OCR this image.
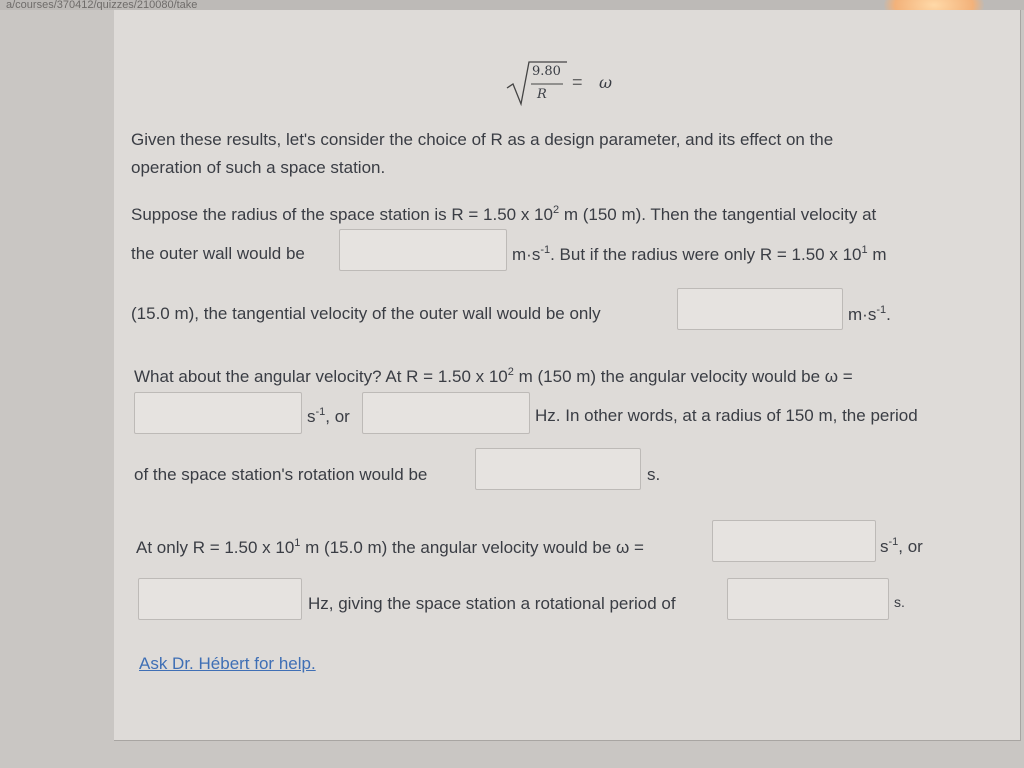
a/courses/370412/quizzes/210080/take
9.80
R
= ω
Given these results, let's consider the choice of R as a design parameter, and its effect on the
operation of such a space station.
Suppose the radius of the space station is R = 1.50 x $10^2$ m (150 m). Then the tangential velocity at
the outer wall would be	$m\cdot s^{-1}$. But if the radius were only R = 1.50 x $10^1$ m
(15.0 m), the tangential velocity of the outer wall would be only	$m\cdot s^{-1}$.
What about the angular velocity? At R = 1.50 x $10^2$ m (150 m) the angular velocity would be ω =
$s^{-1}$, or	Hz. In other words, at a radius of 150 m, the period
of the space station's rotation would be	s.
At only R = 1.50 x $10^1$ m (15.0 m) the angular velocity would be ω =	$s^{-1}$, or
Hz, giving the space station a rotational period of	s.
Ask Dr. Hébert for help.
